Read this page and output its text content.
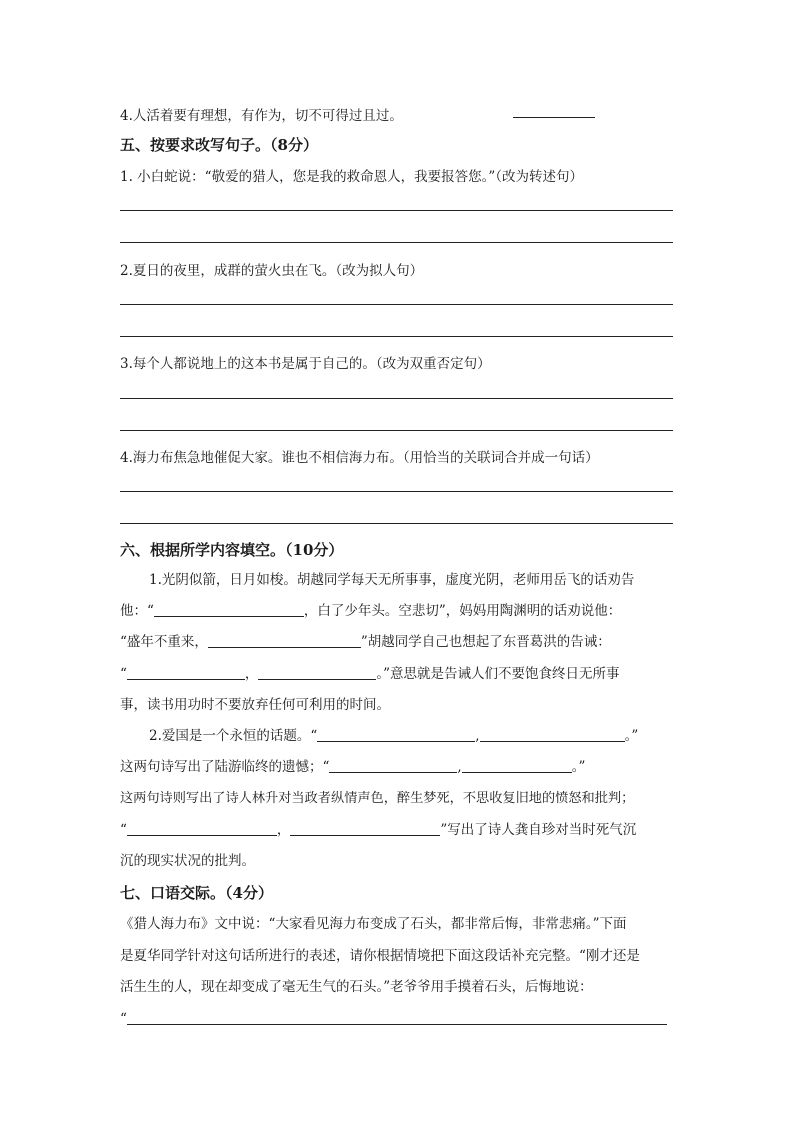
4.人活着要有理想，有作为，切不可得过且过。
五、按要求改写句子。（8分）
1. 小白蛇说：“敬爱的猎人，您是我的救命恩人，我要报答您。”（改为转述句）
2.夏日的夜里，成群的萤火虫在飞。（改为拟人句）
3.每个人都说地上的这本书是属于自己的。（改为双重否定句）
4.海力布焦急地催促大家。谁也不相信海力布。（用恰当的关联词合并成一句话）
六、根据所学内容填空。（10分）
1.光阴似箭，日月如梭。胡越同学每天无所事事，虚度光阴，老师用岳飞的话劝告
他：“	，白了少年头。空悲切”，妈妈用陶渊明的话劝说他：
“盛年不重来，	”胡越同学自己也想起了东晋葛洪的告诫：
“	，	。”意思就是告诫人们不要饱食终日无所事
事，读书用功时不要放弃任何可利用的时间。
2.爱国是一个永恒的话题。“	,	。”
这两句诗写出了陆游临终的遗憾；“	,	。”
这两句诗则写出了诗人林升对当政者纵情声色，醉生梦死，不思收复旧地的愤怒和批判；
“	，	”写出了诗人龚自珍对当时死气沉
沉的现实状况的批判。
七、口语交际。（4分）
《猎人海力布》文中说：“大家看见海力布变成了石头，都非常后悔，非常悲痛。”下面
是夏华同学针对这句话所进行的表述，请你根据情境把下面这段话补充完整。“刚才还是
活生生的人，现在却变成了毫无生气的石头。”老爷爷用手摸着石头，后悔地说：
“
